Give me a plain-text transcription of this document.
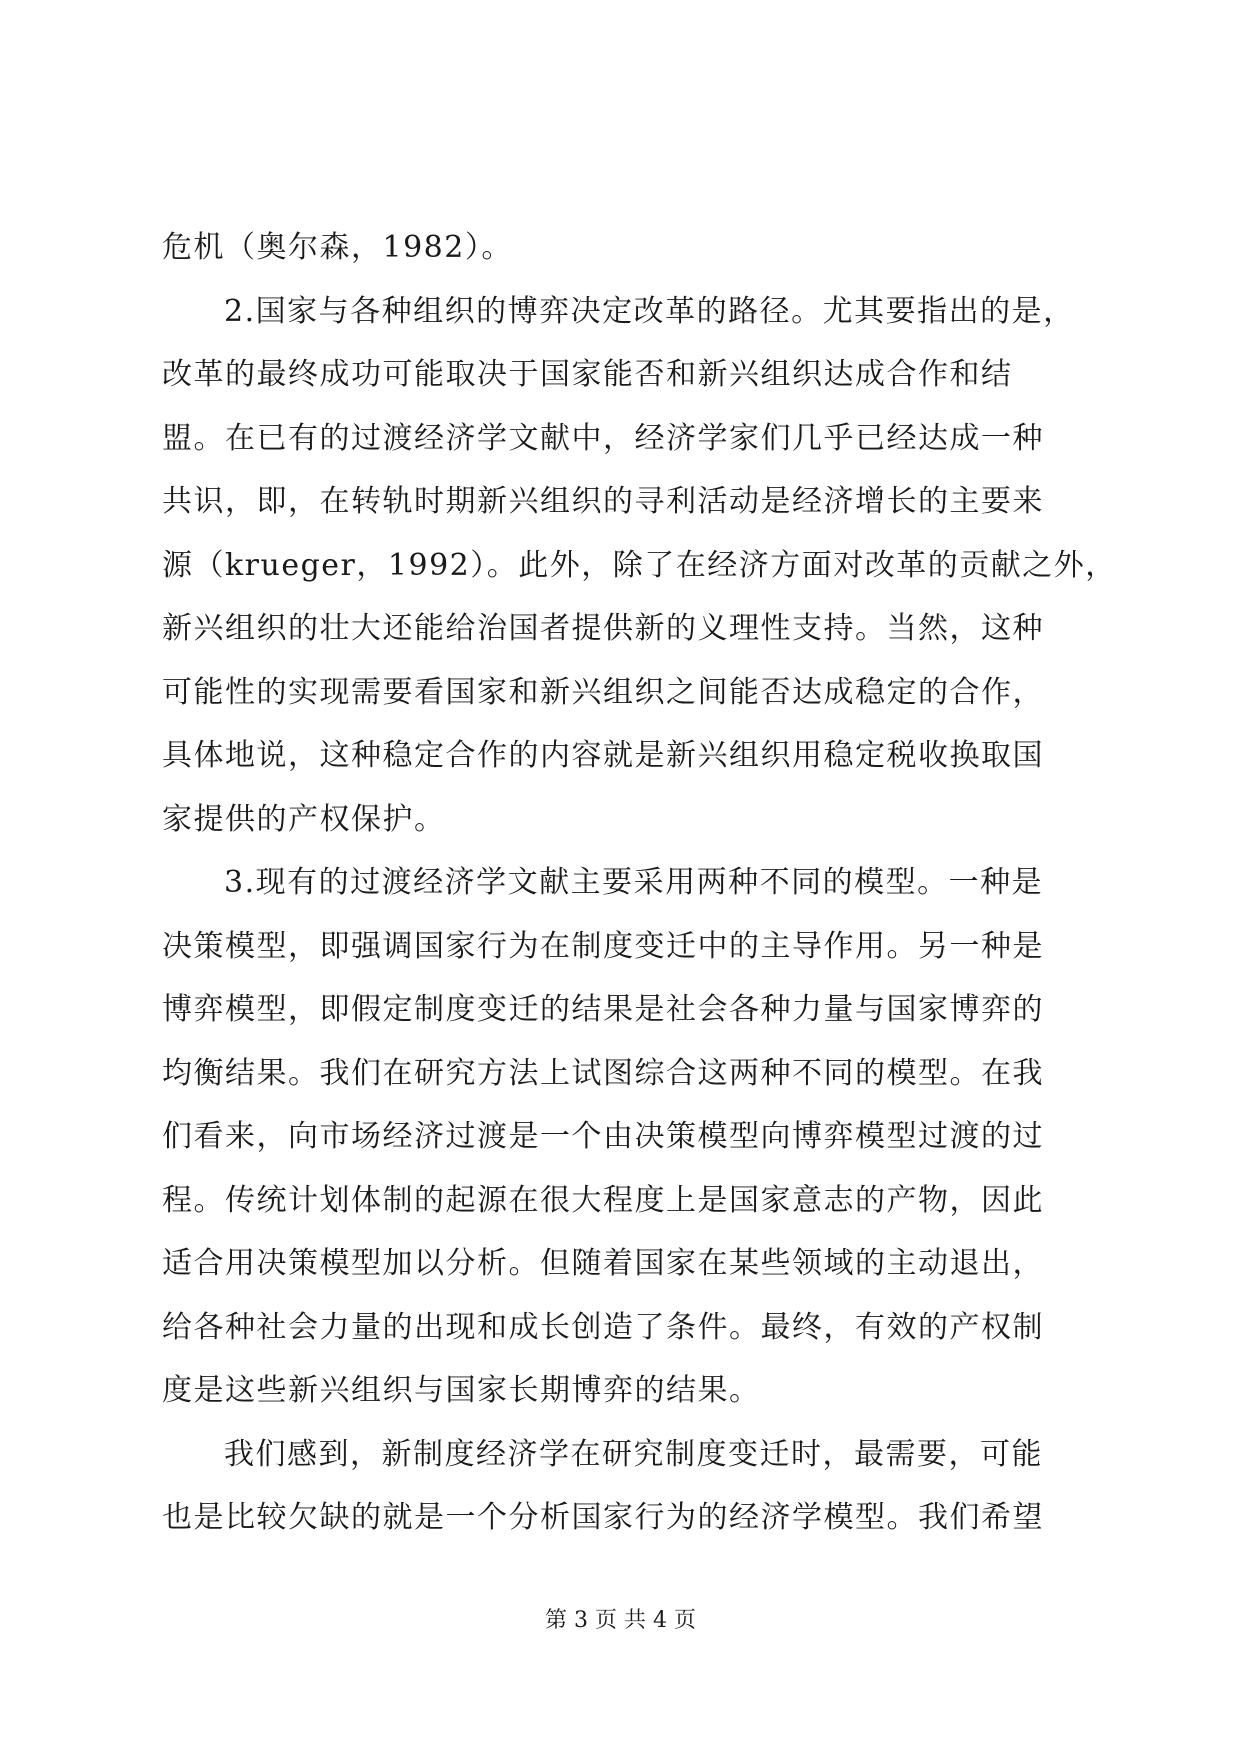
危机（奥尔森，1982）。
2.国家与各种组织的博弈决定改革的路径。尤其要指出的是，
改革的最终成功可能取决于国家能否和新兴组织达成合作和结
盟。在已有的过渡经济学文献中，经济学家们几乎已经达成一种
共识，即，在转轨时期新兴组织的寻利活动是经济增长的主要来
源（krueger，1992）。此外，除了在经济方面对改革的贡献之外，
新兴组织的壮大还能给治国者提供新的义理性支持。当然，这种
可能性的实现需要看国家和新兴组织之间能否达成稳定的合作，
具体地说，这种稳定合作的内容就是新兴组织用稳定税收换取国
家提供的产权保护。
3.现有的过渡经济学文献主要采用两种不同的模型。一种是
决策模型，即强调国家行为在制度变迁中的主导作用。另一种是
博弈模型，即假定制度变迁的结果是社会各种力量与国家博弈的
均衡结果。我们在研究方法上试图综合这两种不同的模型。在我
们看来，向市场经济过渡是一个由决策模型向博弈模型过渡的过
程。传统计划体制的起源在很大程度上是国家意志的产物，因此
适合用决策模型加以分析。但随着国家在某些领域的主动退出，
给各种社会力量的出现和成长创造了条件。最终，有效的产权制
度是这些新兴组织与国家长期博弈的结果。
我们感到，新制度经济学在研究制度变迁时，最需要，可能
也是比较欠缺的就是一个分析国家行为的经济学模型。我们希望
第 3 页 共 4 页
